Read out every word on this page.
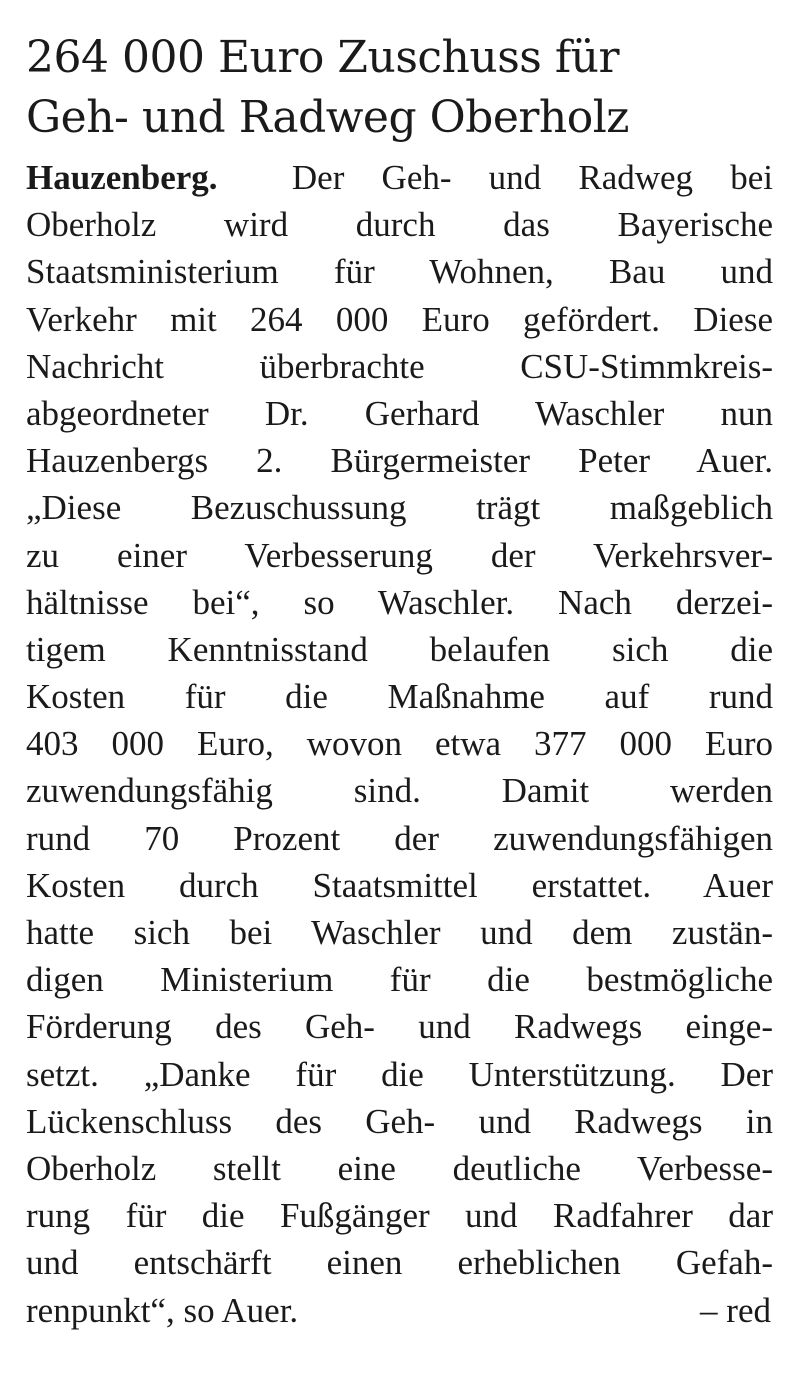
264 000 Euro Zuschuss für
Geh- und Radweg Oberholz
Hauzenberg. Der Geh- und Radweg bei
Oberholz wird durch das Bayerische
Staatsministerium für Wohnen, Bau und
Verkehr mit 264 000 Euro gefördert. Diese
Nachricht überbrachte CSU-Stimmkreis-
abgeordneter Dr. Gerhard Waschler nun
Hauzenbergs 2. Bürgermeister Peter Auer.
„Diese Bezuschussung trägt maßgeblich
zu einer Verbesserung der Verkehrsver-
hältnisse bei“, so Waschler. Nach derzei-
tigem Kenntnisstand belaufen sich die
Kosten für die Maßnahme auf rund
403 000 Euro, wovon etwa 377 000 Euro
zuwendungsfähig sind. Damit werden
rund 70 Prozent der zuwendungsfähigen
Kosten durch Staatsmittel erstattet. Auer
hatte sich bei Waschler und dem zustän-
digen Ministerium für die bestmögliche
Förderung des Geh- und Radwegs einge-
setzt. „Danke für die Unterstützung. Der
Lückenschluss des Geh- und Radwegs in
Oberholz stellt eine deutliche Verbesse-
rung für die Fußgänger und Radfahrer dar
und entschärft einen erheblichen Gefah-
renpunkt“, so Auer.	– red
